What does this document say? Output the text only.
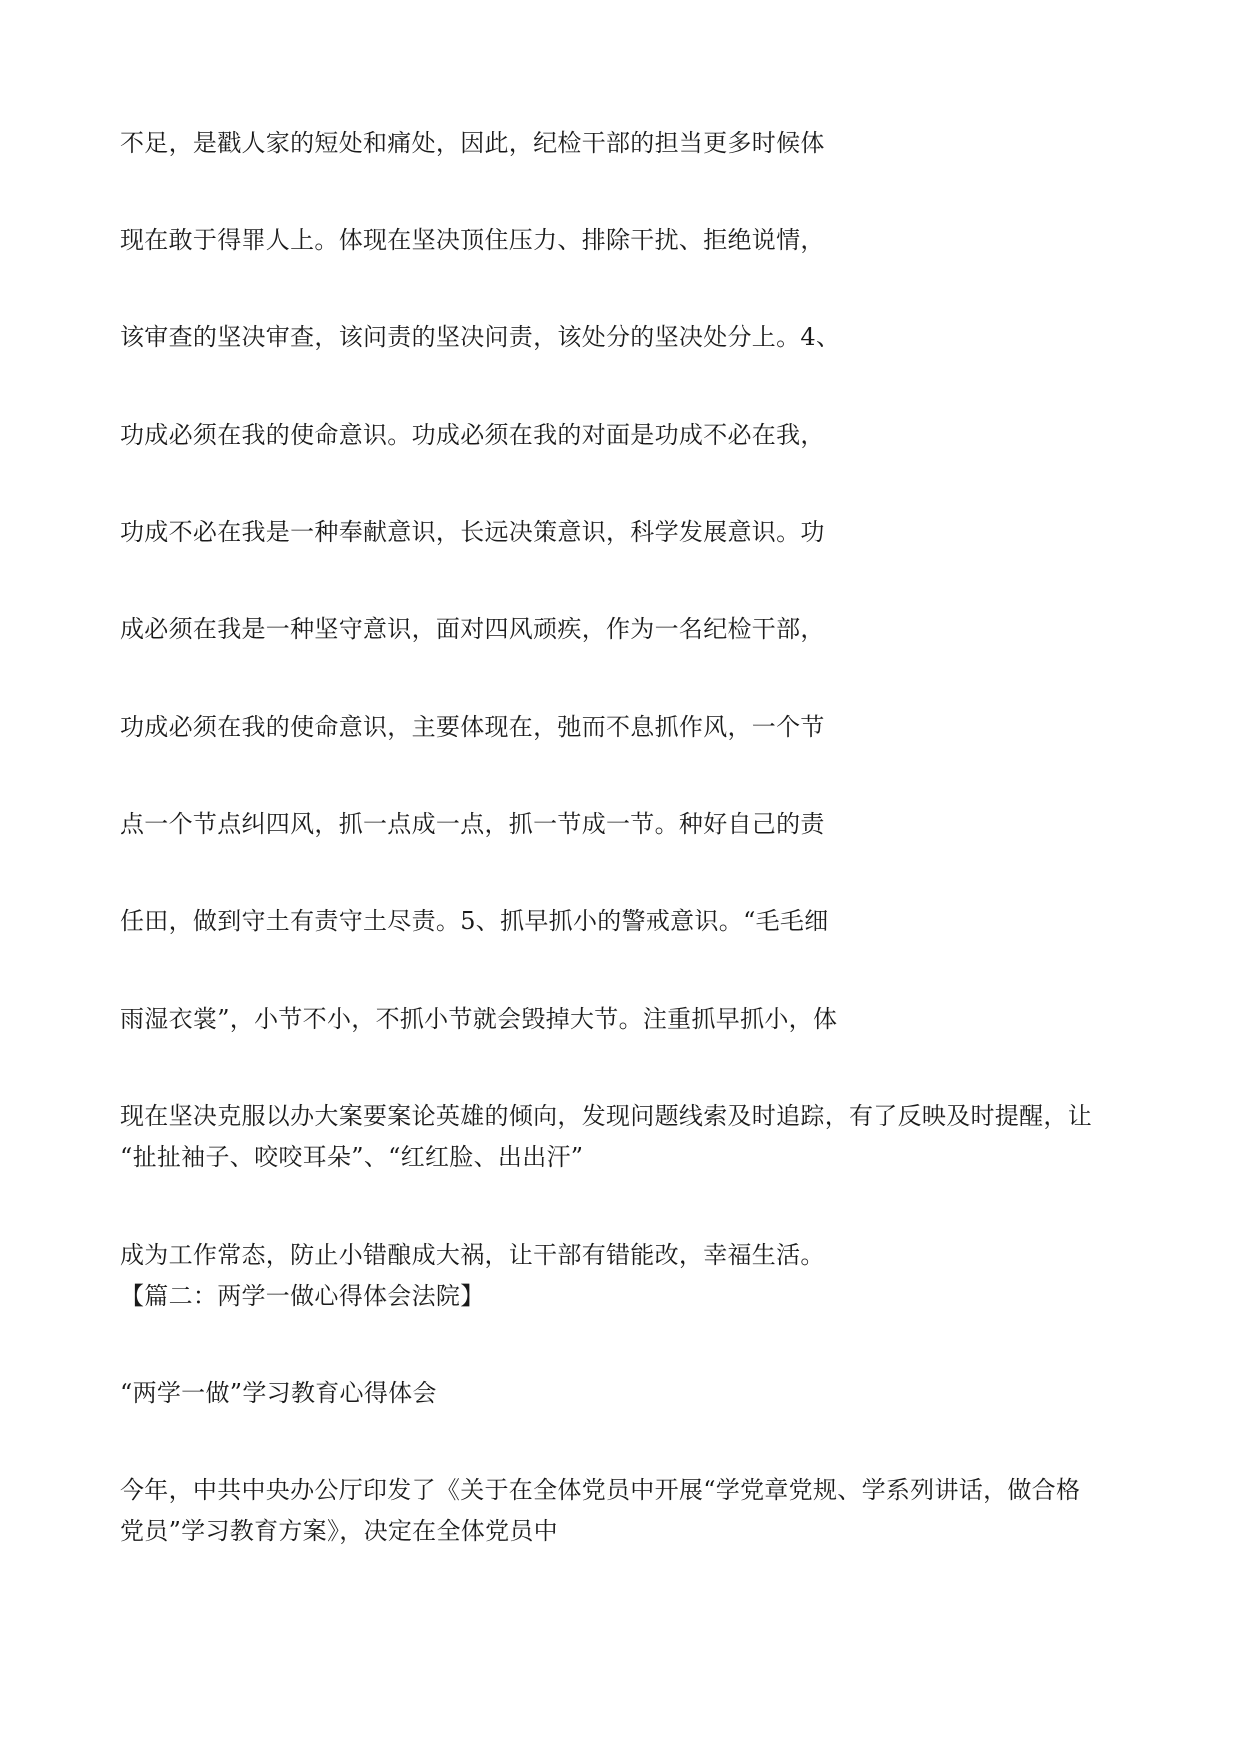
不足，是戳人家的短处和痛处，因此，纪检干部的担当更多时候体
现在敢于得罪人上。体现在坚决顶住压力、排除干扰、拒绝说情，
该审查的坚决审查，该问责的坚决问责，该处分的坚决处分上。4、
功成必须在我的使命意识。功成必须在我的对面是功成不必在我，
功成不必在我是一种奉献意识，长远决策意识，科学发展意识。功
成必须在我是一种坚守意识，面对四风顽疾，作为一名纪检干部，
功成必须在我的使命意识，主要体现在，弛而不息抓作风，一个节
点一个节点纠四风，抓一点成一点，抓一节成一节。种好自己的责
任田，做到守土有责守土尽责。5、抓早抓小的警戒意识。“毛毛细
雨湿衣裳”，小节不小，不抓小节就会毁掉大节。注重抓早抓小，体
现在坚决克服以办大案要案论英雄的倾向，发现问题线索及时追踪，有了反映及时提醒，让
“扯扯袖子、咬咬耳朵”、“红红脸、出出汗”
成为工作常态，防止小错酿成大祸，让干部有错能改，幸福生活。
【篇二：两学一做心得体会法院】
“两学一做”学习教育心得体会
今年，中共中央办公厅印发了《关于在全体党员中开展“学党章党规、学系列讲话，做合格
党员”学习教育方案》，决定在全体党员中
